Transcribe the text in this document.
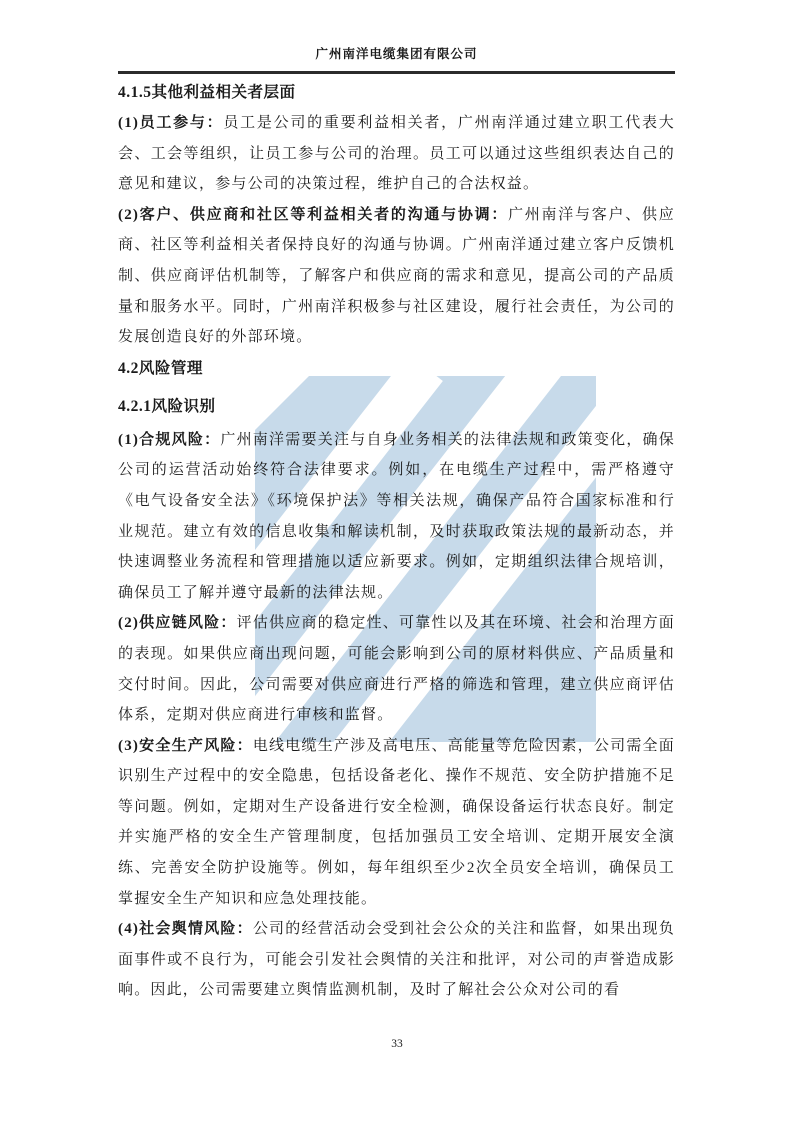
广州南洋电缆集团有限公司
4.1.5其他利益相关者层面

(1)员工参与：员工是公司的重要利益相关者，广州南洋通过建立职工代表大会、工会等组织，让员工参与公司的治理。员工可以通过这些组织表达自己的意见和建议，参与公司的决策过程，维护自己的合法权益。

(2)客户、供应商和社区等利益相关者的沟通与协调：广州南洋与客户、供应商、社区等利益相关者保持良好的沟通与协调。广州南洋通过建立客户反馈机制、供应商评估机制等，了解客户和供应商的需求和意见，提高公司的产品质量和服务水平。同时，广州南洋积极参与社区建设，履行社会责任，为公司的发展创造良好的外部环境。

4.2风险管理
4.2.1风险识别

(1)合规风险：广州南洋需要关注与自身业务相关的法律法规和政策变化，确保公司的运营活动始终符合法律要求。例如，在电缆生产过程中，需严格遵守《电气设备安全法》《环境保护法》等相关法规，确保产品符合国家标准和行业规范。建立有效的信息收集和解读机制，及时获取政策法规的最新动态，并快速调整业务流程和管理措施以适应新要求。例如，定期组织法律合规培训，确保员工了解并遵守最新的法律法规。

(2)供应链风险：评估供应商的稳定性、可靠性以及其在环境、社会和治理方面的表现。如果供应商出现问题，可能会影响到公司的原材料供应、产品质量和交付时间。因此，公司需要对供应商进行严格的筛选和管理，建立供应商评估体系，定期对供应商进行审核和监督。

(3)安全生产风险：电线电缆生产涉及高电压、高能量等危险因素，公司需全面识别生产过程中的安全隐患，包括设备老化、操作不规范、安全防护措施不足等问题。例如，定期对生产设备进行安全检测，确保设备运行状态良好。制定并实施严格的安全生产管理制度，包括加强员工安全培训、定期开展安全演练、完善安全防护设施等。例如，每年组织至少2次全员安全培训，确保员工掌握安全生产知识和应急处理技能。

(4)社会舆情风险：公司的经营活动会受到社会公众的关注和监督，如果出现负面事件或不良行为，可能会引发社会舆情的关注和批评，对公司的声誉造成影响。因此，公司需要建立舆情监测机制，及时了解社会公众对公司的看

33
